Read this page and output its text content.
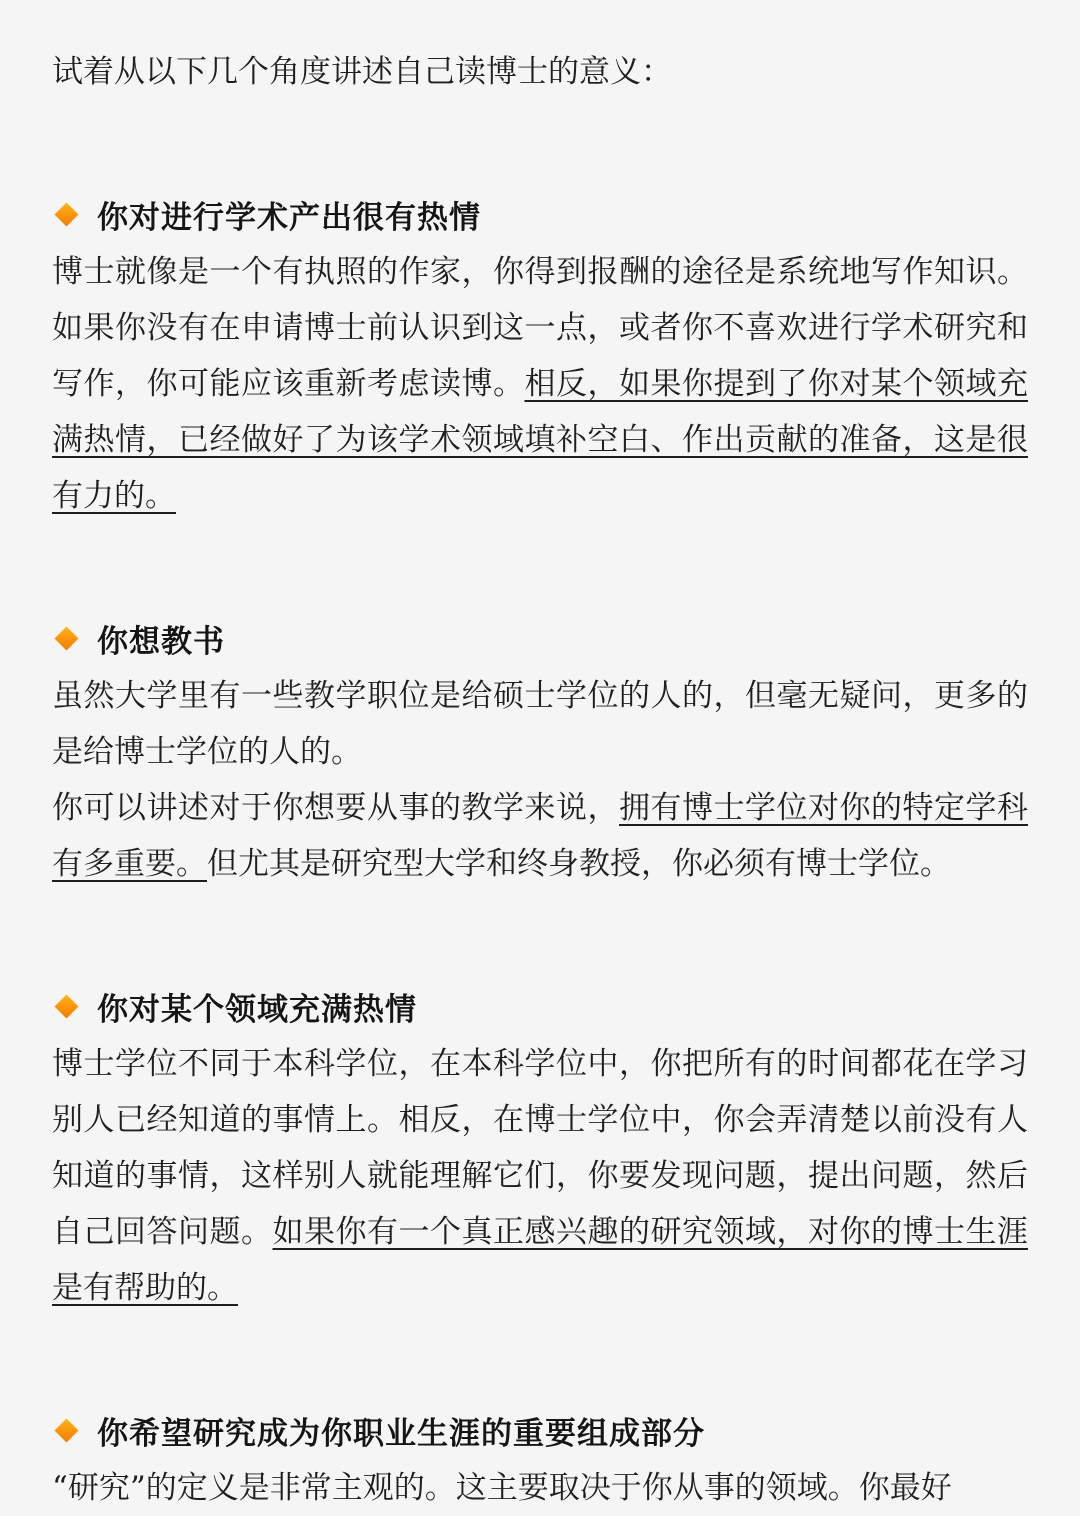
试着从以下几个角度讲述自己读博士的意义：

你对进行学术产出很有热情

博士就像是一个有执照的作家，你得到报酬的途径是系统地写作知识。如果你没有在申请博士前认识到这一点，或者你不喜欢进行学术研究和写作，你可能应该重新考虑读博。相反，如果你提到了你对某个领域充满热情，已经做好了为该学术领域填补空白、作出贡献的准备，这是很有力的。

你想教书

虽然大学里有一些教学职位是给硕士学位的人的，但毫无疑问，更多的是给博士学位的人的。

你可以讲述对于你想要从事的教学来说，拥有博士学位对你的特定学科有多重要。但尤其是研究型大学和终身教授，你必须有博士学位。

你对某个领域充满热情

博士学位不同于本科学位，在本科学位中，你把所有的时间都花在学习别人已经知道的事情上。相反，在博士学位中，你会弄清楚以前没有人知道的事情，这样别人就能理解它们，你要发现问题，提出问题，然后自己回答问题。如果你有一个真正感兴趣的研究领域，对你的博士生涯是有帮助的。

你希望研究成为你职业生涯的重要组成部分

“研究”的定义是非常主观的。这主要取决于你从事的领域。你最好
